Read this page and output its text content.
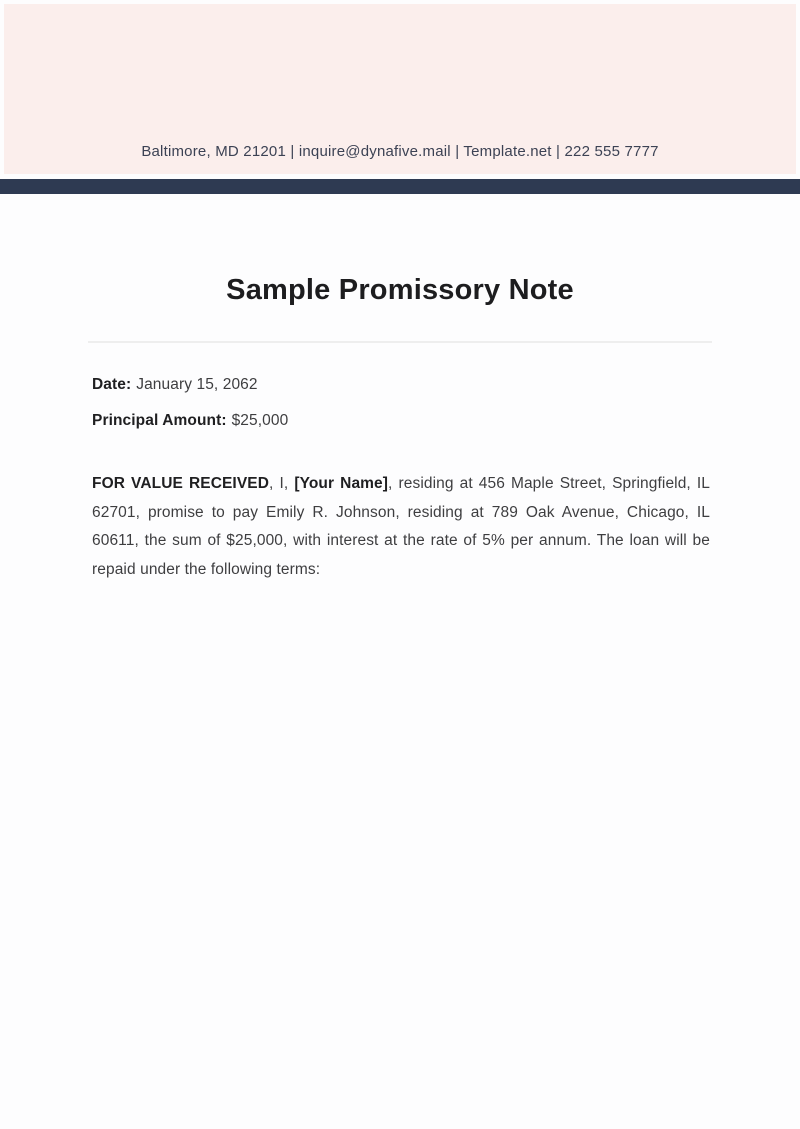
Baltimore, MD 21201 | inquire@dynafive.mail | Template.net | 222 555 7777
Sample Promissory Note

Date: January 15, 2062

Principal Amount: $25,000

FOR VALUE RECEIVED, I, [Your Name], residing at 456 Maple Street, Springfield, IL 62701, promise to pay Emily R. Johnson, residing at 789 Oak Avenue, Chicago, IL 60611, the sum of $25,000, with interest at the rate of 5% per annum. The loan will be repaid under the following terms:
